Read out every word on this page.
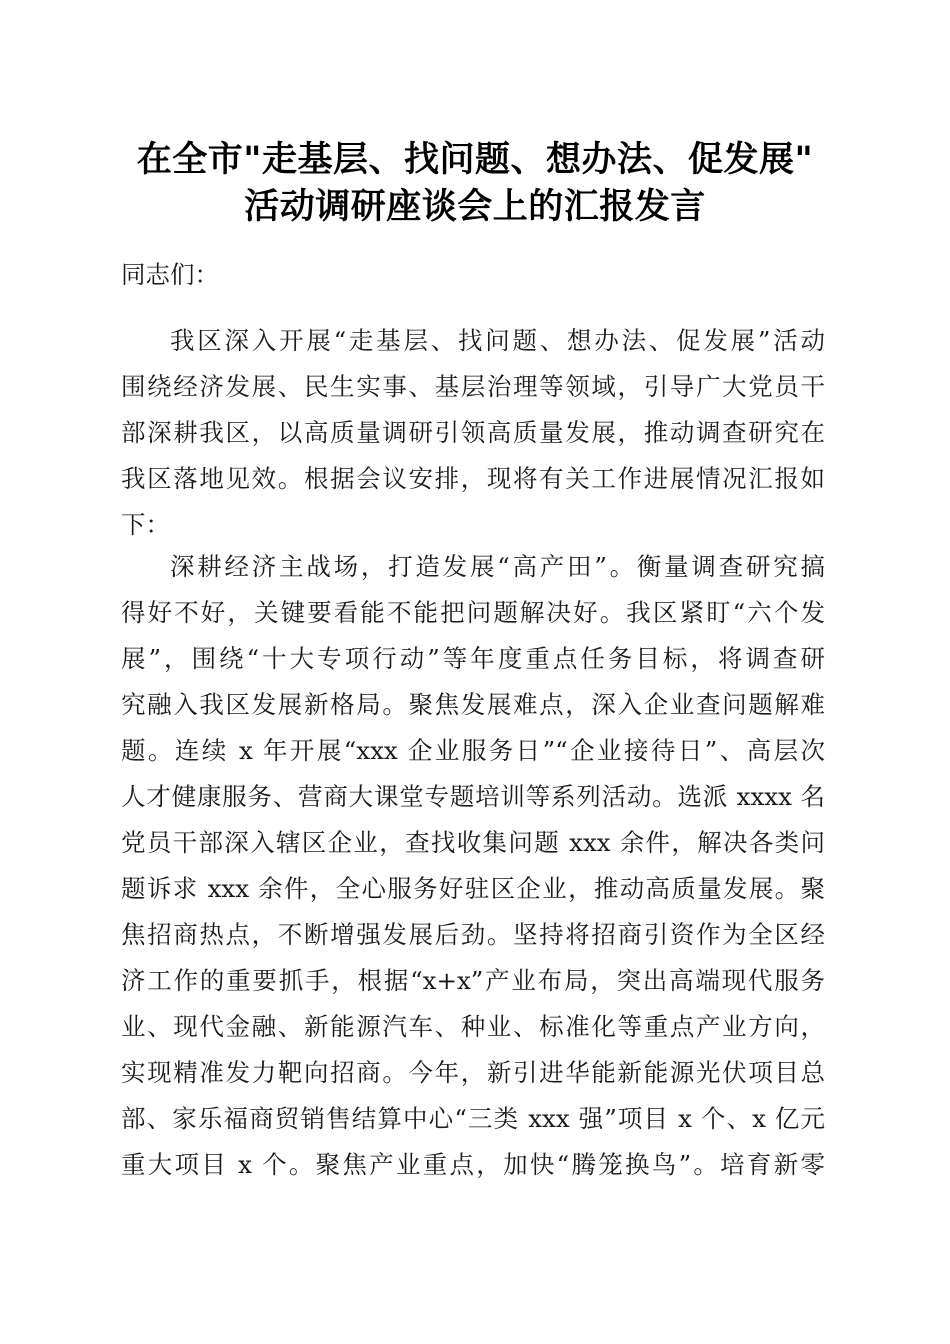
在全市"走基层、找问题、想办法、促发展"
活动调研座谈会上的汇报发言
同志们：
我区深入开展“走基层、找问题、想办法、促发展”活动
围绕经济发展、民生实事、基层治理等领域，引导广大党员干
部深耕我区，以高质量调研引领高质量发展，推动调查研究在
我区落地见效。根据会议安排，现将有关工作进展情况汇报如
下：
深耕经济主战场，打造发展“高产田”。衡量调查研究搞
得好不好，关键要看能不能把问题解决好。我区紧盯“六个发
展”，围绕“十大专项行动”等年度重点任务目标，将调查研
究融入我区发展新格局。聚焦发展难点，深入企业查问题解难
题。连续 x 年开展“xxx 企业服务日”“企业接待日”、高层次
人才健康服务、营商大课堂专题培训等系列活动。选派 xxxx 名
党员干部深入辖区企业，查找收集问题 xxx 余件，解决各类问
题诉求 xxx 余件，全心服务好驻区企业，推动高质量发展。聚
焦招商热点，不断增强发展后劲。坚持将招商引资作为全区经
济工作的重要抓手，根据“x+x”产业布局，突出高端现代服务
业、现代金融、新能源汽车、种业、标准化等重点产业方向，
实现精准发力靶向招商。今年，新引进华能新能源光伏项目总
部、家乐福商贸销售结算中心“三类 xxx 强”项目 x 个、x 亿元
重大项目 x 个。聚焦产业重点，加快“腾笼换鸟”。培育新零
